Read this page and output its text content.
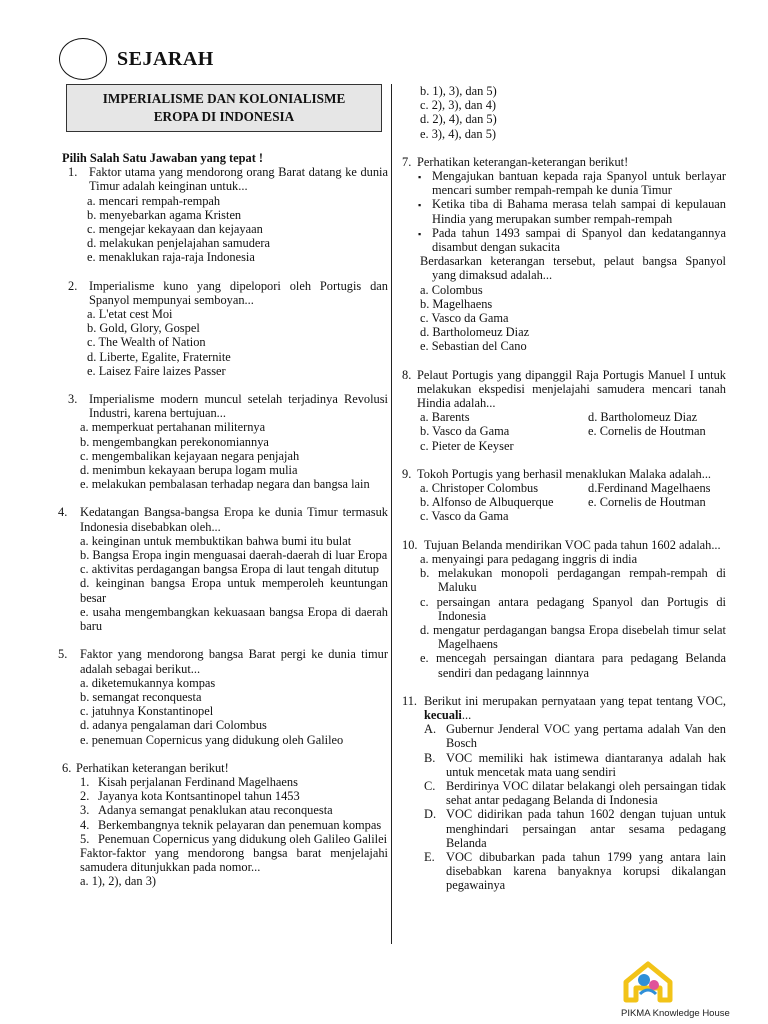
SEJARAH
IMPERIALISME DAN KOLONIALISME
EROPA DI INDONESIA
Pilih Salah Satu Jawaban yang tepat !
1. Faktor utama yang mendorong orang Barat datang ke dunia Timur adalah keinginan untuk...
a. mencari rempah-rempah
b. menyebarkan agama Kristen
c. mengejar kekayaan dan kejayaan
d. melakukan penjelajahan samudera
e. menaklukan raja-raja Indonesia
2. Imperialisme kuno yang dipelopori oleh Portugis dan Spanyol mempunyai semboyan...
a. L'etat cest Moi
b. Gold, Glory, Gospel
c. The Wealth of Nation
d. Liberte, Egalite, Fraternite
e. Laisez Faire laizes Passer
3. Imperialisme modern muncul setelah terjadinya Revolusi Industri, karena bertujuan...
a. memperkuat pertahanan militernya
b. mengembangkan perekonomiannya
c. mengembalikan kejayaan negara penjajah
d. menimbun kekayaan berupa logam mulia
e. melakukan pembalasan terhadap negara dan bangsa lain
4.	Kedatangan Bangsa-bangsa Eropa ke dunia Timur termasuk Indonesia disebabkan oleh...
a. keinginan untuk membuktikan bahwa bumi itu bulat
b. Bangsa Eropa ingin menguasai daerah-daerah di luar Eropa
c. aktivitas perdagangan bangsa Eropa di laut tengah ditutup
d. keinginan bangsa Eropa untuk memperoleh keuntungan besar
e. usaha mengembangkan kekuasaan bangsa Eropa di daerah baru
5.	Faktor yang mendorong bangsa Barat pergi ke dunia timur adalah sebagai berikut...
a. diketemukannya kompas
b. semangat reconquesta
c. jatuhnya Konstantinopel
d. adanya pengalaman dari Colombus
e. penemuan Copernicus yang didukung oleh Galileo
6. Perhatikan keterangan berikut!
1. Kisah perjalanan Ferdinand Magelhaens
2. Jayanya kota Kontsantinopel tahun 1453
3. Adanya semangat penaklukan atau reconquesta
4. Berkembangnya teknik pelayaran dan penemuan kompas
5. Penemuan Copernicus yang didukung oleh Galileo Galilei
Faktor-faktor yang mendorong bangsa barat menjelajahi samudera ditunjukkan pada nomor...
a. 1), 2), dan 3)
b. 1), 3), dan 5)
c. 2), 3), dan 4)
d. 2), 4), dan 5)
e. 3), 4), dan 5)
7. Perhatikan keterangan-keterangan berikut!
▪ Mengajukan bantuan kepada raja Spanyol untuk berlayar mencari sumber rempah-rempah ke dunia Timur
▪ Ketika tiba di Bahama merasa telah sampai di kepulauan Hindia yang merupakan sumber rempah-rempah
▪ Pada tahun 1493 sampai di Spanyol dan kedatangannya disambut dengan sukacita
Berdasarkan keterangan tersebut, pelaut bangsa Spanyol yang dimaksud adalah...
a. Colombus
b. Magelhaens
c. Vasco da Gama
d. Bartholomeuz Diaz
e. Sebastian del Cano
8. Pelaut Portugis yang dipanggil Raja Portugis Manuel I untuk melakukan ekspedisi menjelajahi samudera mencari tanah Hindia adalah...
a. Barents	d. Bartholomeuz Diaz
b. Vasco da Gama	e. Cornelis de Houtman
c. Pieter de Keyser
9. Tokoh Portugis yang berhasil menaklukan Malaka adalah...
a. Christoper Colombus	d.Ferdinand Magelhaens
b. Alfonso de Albuquerque	e. Cornelis de Houtman
c. Vasco da Gama
10. Tujuan Belanda mendirikan VOC pada tahun 1602 adalah...
a. menyaingi para pedagang inggris di india
b. melakukan monopoli perdagangan rempah-rempah di Maluku
c. persaingan antara pedagang Spanyol dan Portugis di Indonesia
d. mengatur perdagangan bangsa Eropa disebelah timur selat Magelhaens
e. mencegah persaingan diantara para pedagang Belanda sendiri dan pedagang lainnnya
11. Berikut ini merupakan pernyataan yang tepat tentang VOC, kecuali...
A. Gubernur Jenderal VOC yang pertama adalah Van den Bosch
B. VOC memiliki hak istimewa diantaranya adalah hak untuk mencetak mata uang sendiri
C. Berdirinya VOC dilatar belakangi oleh persaingan tidak sehat antar pedagang Belanda di Indonesia
D. VOC didirikan pada tahun 1602 dengan tujuan untuk menghindari persaingan antar sesama pedagang Belanda
E. VOC dibubarkan pada tahun 1799 yang antara lain disebabkan karena banyaknya korupsi dikalangan pegawainya
PIKMA Knowledge House
